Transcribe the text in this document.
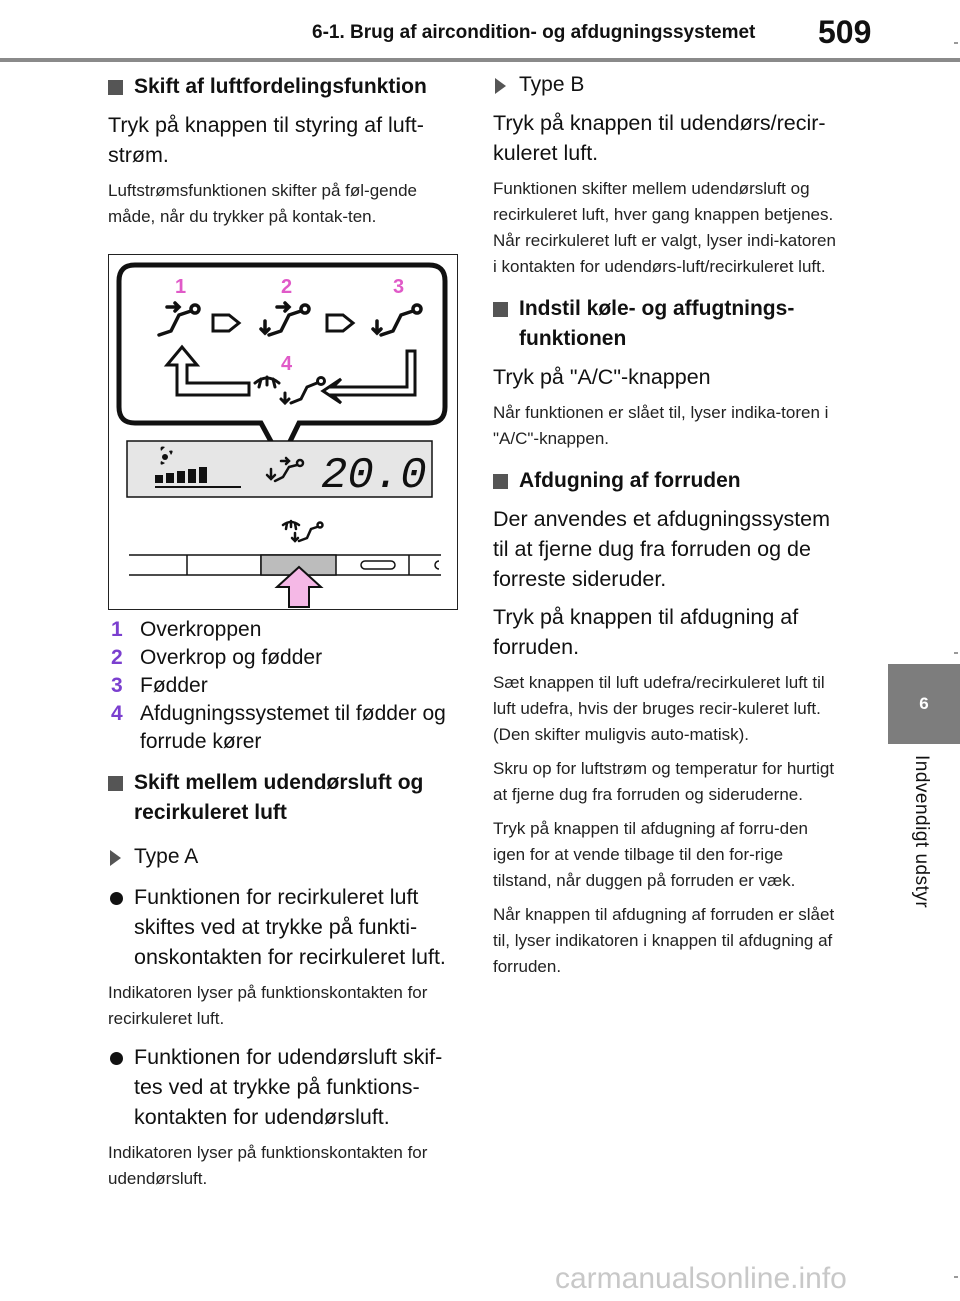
6-1. Brug af aircondition- og afdugningssystemet 509
6
Indvendigt udstyr
Skift af luftfordelingsfunktion

Tryk på knappen til styring af luft-strøm.

Luftstrømsfunktionen skifter på føl-gende måde, når du trykker på kontak-ten.

1	2	3
4
20.0
1 Overkroppen
2 Overkrop og fødder
3 Fødder
4 Afdugningssystemet til fødder og forrude kører
Skift mellem udendørsluft og recirkuleret luft
Type A
Funktionen for recirkuleret luft skiftes ved at trykke på funkti-onskontakten for recirkuleret luft.

Indikatoren lyser på funktionskontakten for recirkuleret luft.

Funktionen for udendørsluft skif-tes ved at trykke på funktions-kontakten for udendørsluft.

Indikatoren lyser på funktionskontakten for udendørsluft.

Type B

Tryk på knappen til udendørs/recir-kuleret luft.

Funktionen skifter mellem udendørsluft og recirkuleret luft, hver gang knappen betjenes.

Når recirkuleret luft er valgt, lyser indi-katoren i kontakten for udendørs-luft/recirkuleret luft.

Indstil køle- og affugtnings-funktionen

Tryk på "A/C"-knappen

Når funktionen er slået til, lyser indika-toren i "A/C"-knappen.

Afdugning af forruden

Der anvendes et afdugningssystem til at fjerne dug fra forruden og de forreste sideruder.

Tryk på knappen til afdugning af forruden.

Sæt knappen til luft udefra/recirkuleret luft til luft udefra, hvis der bruges recir-kuleret luft. (Den skifter muligvis auto-matisk).

Skru op for luftstrøm og temperatur for hurtigt at fjerne dug fra forruden og sideruderne.

Tryk på knappen til afdugning af forru-den igen for at vende tilbage til den for-rige tilstand, når duggen på forruden er væk.

Når knappen til afdugning af forruden er slået til, lyser indikatoren i knappen til afdugning af forruden.

carmanualsonline.info
